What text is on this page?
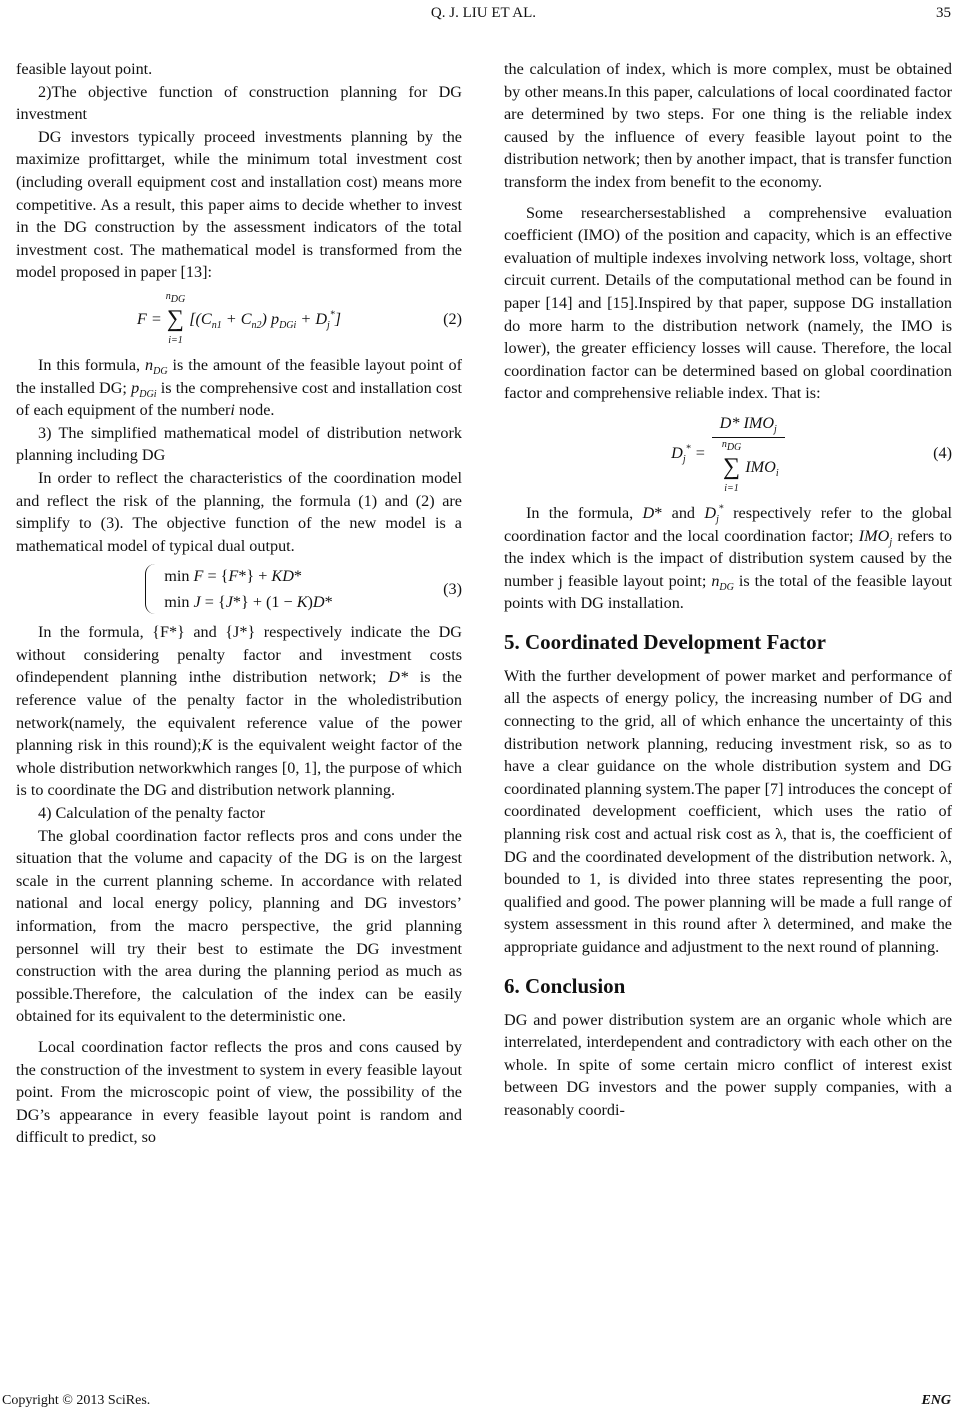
Q. J. LIU ET AL.	35

feasible layout point.

2)The objective function of construction planning for DG investment

DG investors typically proceed investments planning by the maximize profittarget, while the minimum total investment cost (including overall equipment cost and installation cost) means more competitive. As a result, this paper aims to decide whether to invest in the DG construction by the assessment indicators of the total investment cost. The mathematical model is transformed from the model proposed in paper [13]:

F =
$n_{DG}$
∑
i=1
$[(C_{n1} + C_{n2}) p_{DGi} + D_j^*]$	(2)

In this formula, $n_{DG}$ is the amount of the feasible layout point of the installed DG; $p_{DGi}$ is the comprehensive cost and installation cost of each equipment of the numberi node.

3) The simplified mathematical model of distribution network planning including DG

In order to reflect the characteristics of the coordination model and reflect the risk of the planning, the formula (1) and (2) are simplify to (3). The objective function of the new model is a mathematical model of typical dual output.

min F = {F*} + KD*
min J = {J*} + (1 − K)D*
(3)

In the formula, {F*} and {J*} respectively indicate the DG without considering penalty factor and investment costs ofindependent planning inthe distribution network; D* is the reference value of the penalty factor in the wholedistribution network(namely, the equivalent reference value of the power planning risk in this round);K is the equivalent weight factor of the whole distribution networkwhich ranges [0, 1], the purpose of which is to coordinate the DG and distribution network planning.

4) Calculation of the penalty factor

The global coordination factor reflects pros and cons under the situation that the volume and capacity of the DG is on the largest scale in the current planning scheme. In accordance with related national and local energy policy, planning and DG investors’ information, from the macro perspective, the grid planning personnel will try their best to estimate the DG investment construction with the area during the planning period as much as possible.Therefore, the calculation of the index can be easily obtained for its equivalent to the deterministic one.

Local coordination factor reflects the pros and cons caused by the construction of the investment to system in every feasible layout point. From the microscopic point of view, the possibility of the DG’s appearance in every feasible layout point is random and difficult to predict, so

the calculation of index, which is more complex, must be obtained by other means.In this paper, calculations of local coordinated factor are determined by two steps. For one thing is the reliable index caused by the influence of every feasible layout point to the distribution network; then by another impact, that is transfer function transform the index from benefit to the economy.

Some researchersestablished a comprehensive evaluation coefficient (IMO) of the position and capacity, which is an effective evaluation of multiple indexes involving network loss, voltage, short circuit current. Details of the computational method can be found in paper [14] and [15].Inspired by that paper, suppose DG installation do more harm to the distribution network (namely, the IMO is lower), the greater efficiency losses will cause. Therefore, the local coordination factor can be determined based on global coordination factor and comprehensive reliable index. That is:

$D_j^* = D*$ $IMO_j$
$n_{DG}$
∑
i=1
$IMO_i$	(4)

In the formula, D* and $D_j^*$ respectively refer to the global coordination factor and the local coordination factor; $IMO_j$ refers to the index which is the impact of distribution system caused by the number j feasible layout point; $n_{DG}$ is the total of the feasible layout points with DG installation.

5. Coordinated Development Factor

With the further development of power market and performance of all the aspects of energy policy, the increasing number of DG and connecting to the grid, all of which enhance the uncertainty of this distribution network planning, reducing investment risk, so as to have a clear guidance on the whole distribution system and DG coordinated planning system.The paper [7] introduces the concept of coordinated development coefficient, which uses the ratio of planning risk cost and actual risk cost as λ, that is, the coefficient of DG and the coordinated development of the distribution network. λ, bounded to 1, is divided into three states representing the poor, qualified and good. The power planning will be made a full range of system assessment in this round after λ determined, and make the appropriate guidance and adjustment to the next round of planning.

6. Conclusion

DG and power distribution system are an organic whole which are interrelated, interdependent and contradictory with each other on the whole. In spite of some certain micro conflict of interest exist between DG investors and the power supply companies, with a reasonably coordi-

Copyright © 2013 SciRes.	ENG
